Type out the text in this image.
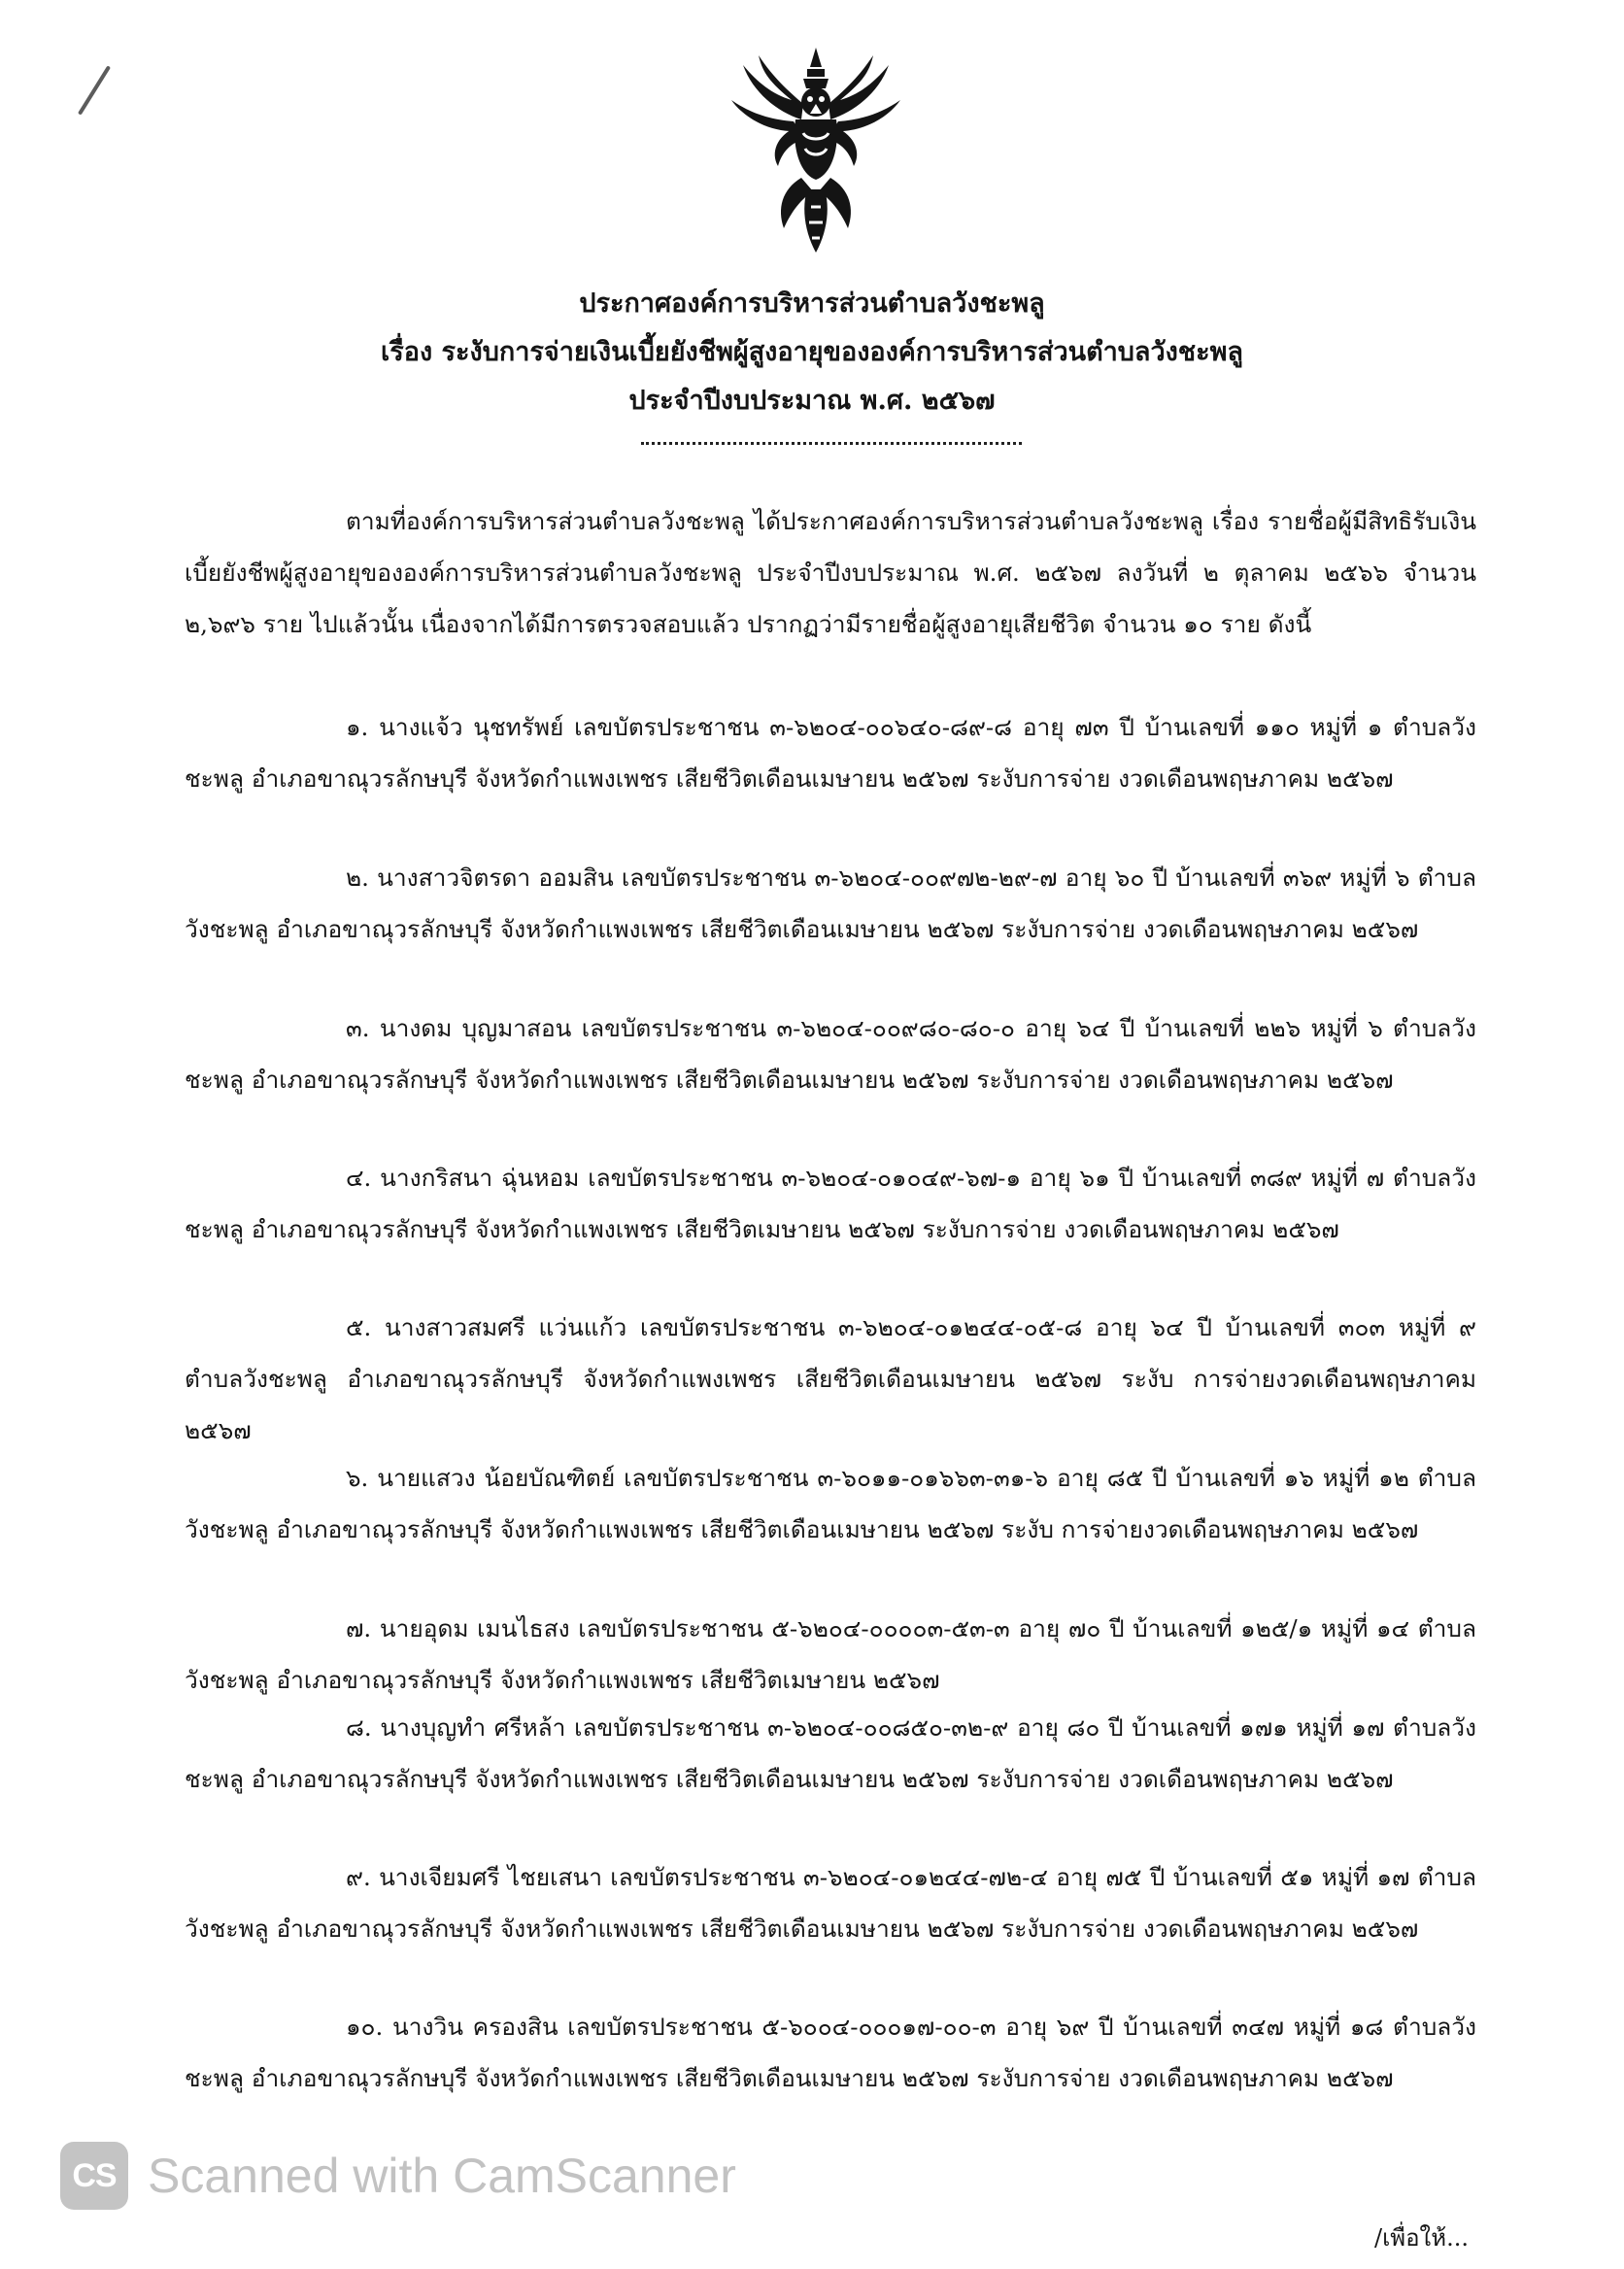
ประกาศองค์การบริหารส่วนตำบลวังชะพลู
เรื่อง ระงับการจ่ายเงินเบี้ยยังชีพผู้สูงอายุขององค์การบริหารส่วนตำบลวังชะพลู
ประจำปีงบประมาณ พ.ศ. ๒๕๖๗
ตามที่องค์การบริหารส่วนตำบลวังชะพลู ได้ประกาศองค์การบริหารส่วนตำบลวังชะพลู เรื่อง รายชื่อผู้มีสิทธิรับเงินเบี้ยยังชีพผู้สูงอายุขององค์การบริหารส่วนตำบลวังชะพลู ประจำปีงบประมาณ พ.ศ. ๒๕๖๗ ลงวันที่ ๒ ตุลาคม ๒๕๖๖ จำนวน ๒,๖๙๖ ราย ไปแล้วนั้น เนื่องจากได้มีการตรวจสอบแล้ว ปรากฏว่ามีรายชื่อผู้สูงอายุเสียชีวิต จำนวน ๑๐ ราย ดังนี้
๑. นางแจ้ว นุชทรัพย์ เลขบัตรประชาชน ๓-๖๒๐๔-๐๐๖๔๐-๘๙-๘ อายุ ๗๓ ปี บ้านเลขที่ ๑๑๐ หมู่ที่ ๑ ตำบลวังชะพลู อำเภอขาณุวรลักษบุรี จังหวัดกำแพงเพชร เสียชีวิตเดือนเมษายน ๒๕๖๗ ระงับการจ่าย งวดเดือนพฤษภาคม ๒๕๖๗
๒. นางสาวจิตรดา ออมสิน เลขบัตรประชาชน ๓-๖๒๐๔-๐๐๙๗๒-๒๙-๗ อายุ ๖๐ ปี บ้านเลขที่ ๓๖๙ หมู่ที่ ๖ ตำบลวังชะพลู อำเภอขาณุวรลักษบุรี จังหวัดกำแพงเพชร เสียชีวิตเดือนเมษายน ๒๕๖๗ ระงับการจ่าย งวดเดือนพฤษภาคม ๒๕๖๗
๓. นางดม บุญมาสอน เลขบัตรประชาชน ๓-๖๒๐๔-๐๐๙๘๐-๘๐-๐ อายุ ๖๔ ปี บ้านเลขที่ ๒๒๖ หมู่ที่ ๖ ตำบลวังชะพลู อำเภอขาณุวรลักษบุรี จังหวัดกำแพงเพชร เสียชีวิตเดือนเมษายน ๒๕๖๗ ระงับการจ่าย งวดเดือนพฤษภาคม ๒๕๖๗
๔. นางกริสนา ฉุ่นหอม เลขบัตรประชาชน ๓-๖๒๐๔-๐๑๐๔๙-๖๗-๑ อายุ ๖๑ ปี บ้านเลขที่ ๓๘๙ หมู่ที่ ๗ ตำบลวังชะพลู อำเภอขาณุวรลักษบุรี จังหวัดกำแพงเพชร เสียชีวิตเมษายน ๒๕๖๗ ระงับการจ่าย งวดเดือนพฤษภาคม ๒๕๖๗
๕. นางสาวสมศรี แว่นแก้ว เลขบัตรประชาชน ๓-๖๒๐๔-๐๑๒๔๔-๐๕-๘ อายุ ๖๔ ปี บ้านเลขที่ ๓๐๓ หมู่ที่ ๙ ตำบลวังชะพลู อำเภอขาณุวรลักษบุรี จังหวัดกำแพงเพชร เสียชีวิตเดือนเมษายน ๒๕๖๗ ระงับ การจ่ายงวดเดือนพฤษภาคม ๒๕๖๗
๖. นายแสวง น้อยบัณฑิตย์ เลขบัตรประชาชน ๓-๖๐๑๑-๐๑๖๖๓-๓๑-๖ อายุ ๘๕ ปี บ้านเลขที่ ๑๖ หมู่ที่ ๑๒ ตำบลวังชะพลู อำเภอขาณุวรลักษบุรี จังหวัดกำแพงเพชร เสียชีวิตเดือนเมษายน ๒๕๖๗ ระงับ การจ่ายงวดเดือนพฤษภาคม ๒๕๖๗
๗. นายอุดม เมนไธสง เลขบัตรประชาชน ๕-๖๒๐๔-๐๐๐๐๓-๕๓-๓ อายุ ๗๐ ปี บ้านเลขที่ ๑๒๕/๑ หมู่ที่ ๑๔ ตำบลวังชะพลู อำเภอขาณุวรลักษบุรี จังหวัดกำแพงเพชร เสียชีวิตเมษายน ๒๕๖๗
๘. นางบุญทำ ศรีหล้า เลขบัตรประชาชน ๓-๖๒๐๔-๐๐๘๕๐-๓๒-๙ อายุ ๘๐ ปี บ้านเลขที่ ๑๗๑ หมู่ที่ ๑๗ ตำบลวังชะพลู อำเภอขาณุวรลักษบุรี จังหวัดกำแพงเพชร เสียชีวิตเดือนเมษายน ๒๕๖๗ ระงับการจ่าย งวดเดือนพฤษภาคม ๒๕๖๗
๙. นางเจียมศรี ไชยเสนา เลขบัตรประชาชน ๓-๖๒๐๔-๐๑๒๔๔-๗๒-๔ อายุ ๗๕ ปี บ้านเลขที่ ๕๑ หมู่ที่ ๑๗ ตำบลวังชะพลู อำเภอขาณุวรลักษบุรี จังหวัดกำแพงเพชร เสียชีวิตเดือนเมษายน ๒๕๖๗ ระงับการจ่าย งวดเดือนพฤษภาคม ๒๕๖๗
๑๐. นางวิน ครองสิน เลขบัตรประชาชน ๕-๖๐๐๔-๐๐๐๑๗-๐๐-๓ อายุ ๖๙ ปี บ้านเลขที่ ๓๔๗ หมู่ที่ ๑๘ ตำบลวังชะพลู อำเภอขาณุวรลักษบุรี จังหวัดกำแพงเพชร เสียชีวิตเดือนเมษายน ๒๕๖๗ ระงับการจ่าย งวดเดือนพฤษภาคม ๒๕๖๗
CS Scanned with CamScanner
/เพื่อให้...
